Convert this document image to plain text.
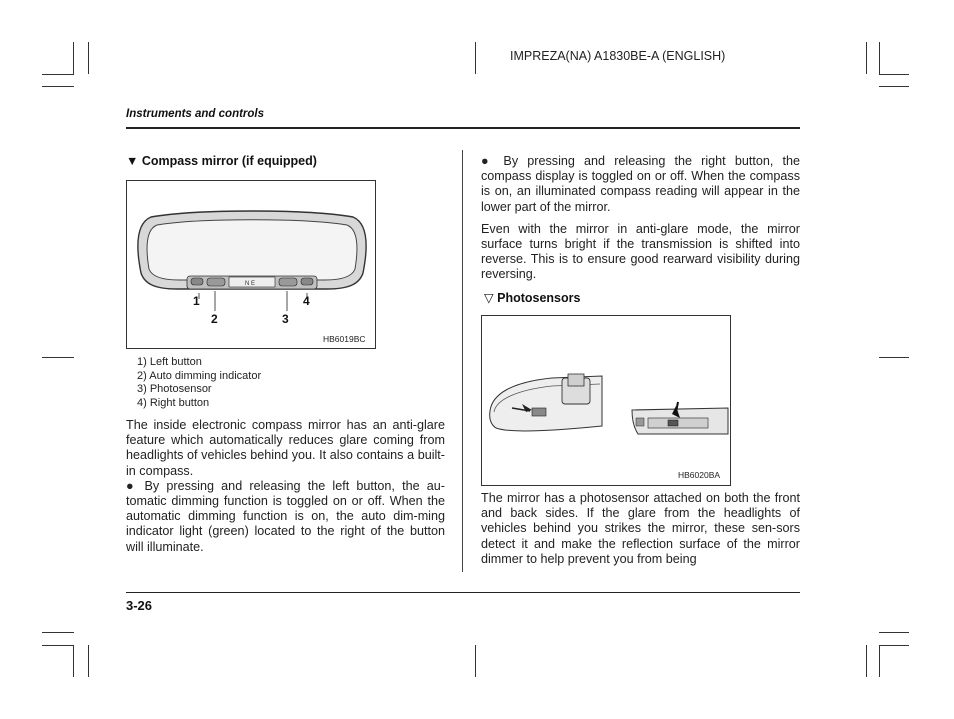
IMPREZA(NA) A1830BE-A (ENGLISH)
Instruments and controls
▼ Compass mirror (if equipped)
N E
1
2	3
4
HB6019BC
1) Left button
2) Auto dimming indicator
3) Photosensor
4) Right button

The inside electronic compass mirror has an anti-glare feature which automatically reduces glare coming from headlights of vehicles behind you. It also contains a built-in compass.

● By pressing and releasing the left button, the au-tomatic dimming function is toggled on or off. When the automatic dimming function is on, the auto dim-ming indicator light (green) located to the right of the button will illuminate.

● By pressing and releasing the right button, the compass display is toggled on or off. When the compass is on, an illuminated compass reading will appear in the lower part of the mirror.

Even with the mirror in anti-glare mode, the mirror surface turns bright if the transmission is shifted into reverse. This is to ensure good rearward visibility during reversing.

▽ Photosensors
HB6020BA

The mirror has a photosensor attached on both the front and back sides. If the glare from the headlights of vehicles behind you strikes the mirror, these sen-sors detect it and make the reflection surface of the mirror dimmer to help prevent you from being

3-26
